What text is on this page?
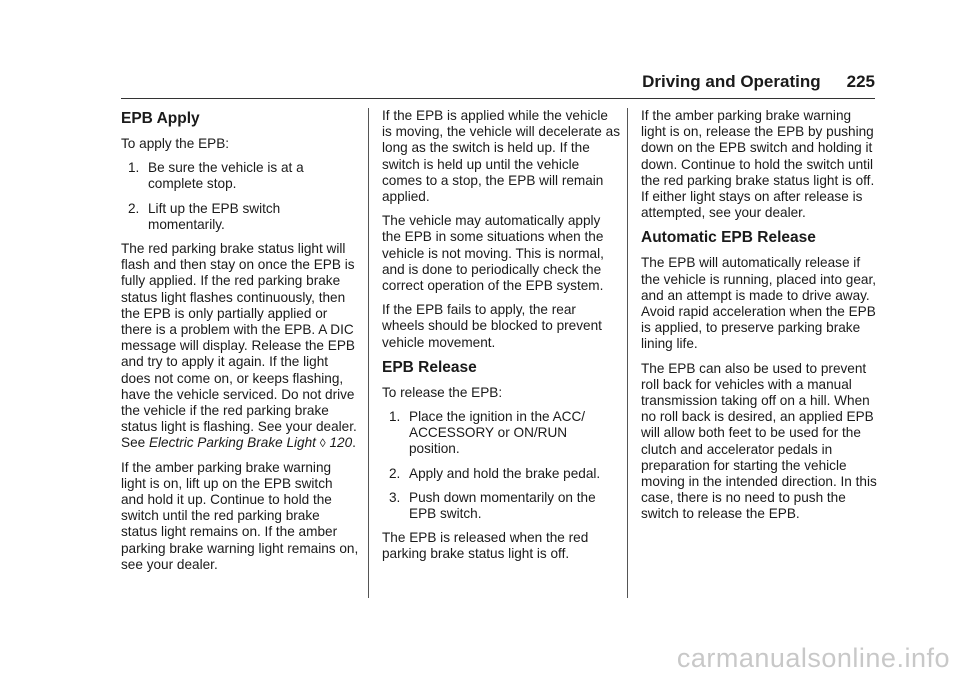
Driving and Operating 225
EPB Apply

To apply the EPB:

1. Be sure the vehicle is at a complete stop.
2. Lift up the EPB switch momentarily.

The red parking brake status light will flash and then stay on once the EPB is fully applied. If the red parking brake status light flashes continuously, then the EPB is only partially applied or there is a problem with the EPB. A DIC message will display. Release the EPB and try to apply it again. If the light does not come on, or keeps flashing, have the vehicle serviced. Do not drive the vehicle if the red parking brake status light is flashing. See your dealer. See Electric Parking Brake Light ◊ 120.

If the amber parking brake warning light is on, lift up on the EPB switch and hold it up. Continue to hold the switch until the red parking brake status light remains on. If the amber parking brake warning light remains on, see your dealer.

If the EPB is applied while the vehicle is moving, the vehicle will decelerate as long as the switch is held up. If the switch is held up until the vehicle comes to a stop, the EPB will remain applied.

The vehicle may automatically apply the EPB in some situations when the vehicle is not moving. This is normal, and is done to periodically check the correct operation of the EPB system.

If the EPB fails to apply, the rear wheels should be blocked to prevent vehicle movement.

EPB Release

To release the EPB:

1. Place the ignition in the ACC/ ACCESSORY or ON/RUN position.
2. Apply and hold the brake pedal.
3. Push down momentarily on the EPB switch.

The EPB is released when the red parking brake status light is off.

If the amber parking brake warning light is on, release the EPB by pushing down on the EPB switch and holding it down. Continue to hold the switch until the red parking brake status light is off. If either light stays on after release is attempted, see your dealer.

Automatic EPB Release

The EPB will automatically release if the vehicle is running, placed into gear, and an attempt is made to drive away. Avoid rapid acceleration when the EPB is applied, to preserve parking brake lining life.

The EPB can also be used to prevent roll back for vehicles with a manual transmission taking off on a hill. When no roll back is desired, an applied EPB will allow both feet to be used for the clutch and accelerator pedals in preparation for starting the vehicle moving in the intended direction. In this case, there is no need to push the switch to release the EPB.

carmanualsonline.info
